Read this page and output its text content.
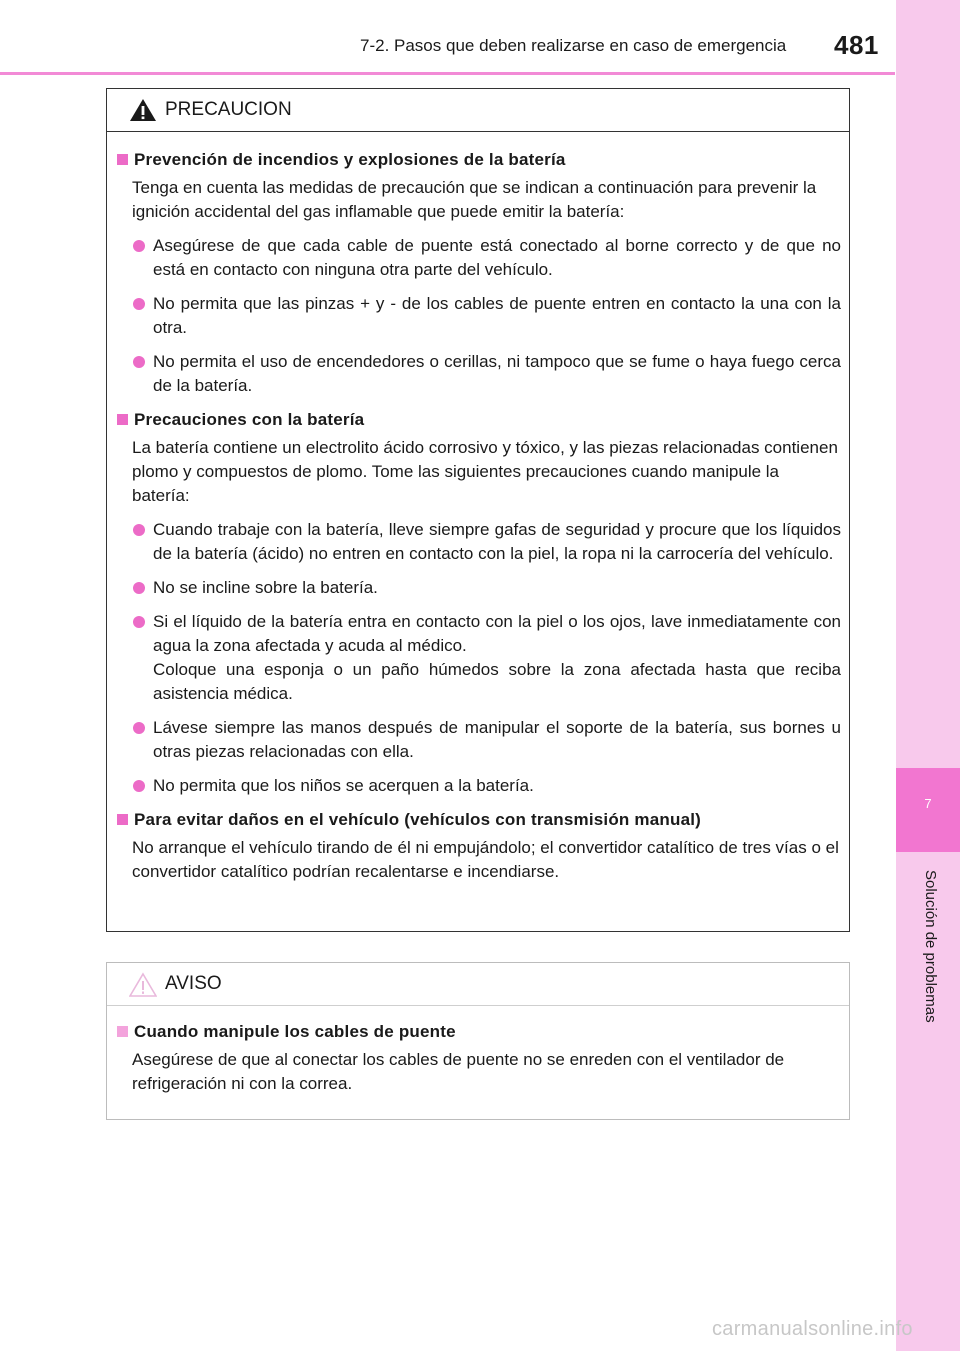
7-2. Pasos que deben realizarse en caso de emergencia 481
7
Solución de problemas
PRECAUCION
Prevención de incendios y explosiones de la batería
Tenga en cuenta las medidas de precaución que se indican a continuación para prevenir la ignición accidental del gas inflamable que puede emitir la batería:
Asegúrese de que cada cable de puente está conectado al borne correcto y de que no está en contacto con ninguna otra parte del vehículo.
No permita que las pinzas + y - de los cables de puente entren en contacto la una con la otra.
No permita el uso de encendedores o cerillas, ni tampoco que se fume o haya fuego cerca de la batería.
Precauciones con la batería
La batería contiene un electrolito ácido corrosivo y tóxico, y las piezas relacionadas contienen plomo y compuestos de plomo. Tome las siguientes precauciones cuando manipule la batería:
Cuando trabaje con la batería, lleve siempre gafas de seguridad y procure que los líquidos de la batería (ácido) no entren en contacto con la piel, la ropa ni la carrocería del vehículo.
No se incline sobre la batería.
Si el líquido de la batería entra en contacto con la piel o los ojos, lave inmediatamente con agua la zona afectada y acuda al médico.
Coloque una esponja o un paño húmedos sobre la zona afectada hasta que reciba asistencia médica.
Lávese siempre las manos después de manipular el soporte de la batería, sus bornes u otras piezas relacionadas con ella.
No permita que los niños se acerquen a la batería.
Para evitar daños en el vehículo (vehículos con transmisión manual)
No arranque el vehículo tirando de él ni empujándolo; el convertidor catalítico de tres vías o el convertidor catalítico podrían recalentarse e incendiarse.
AVISO
Cuando manipule los cables de puente
Asegúrese de que al conectar los cables de puente no se enreden con el ventilador de refrigeración ni con la correa.
carmanualsonline.info
